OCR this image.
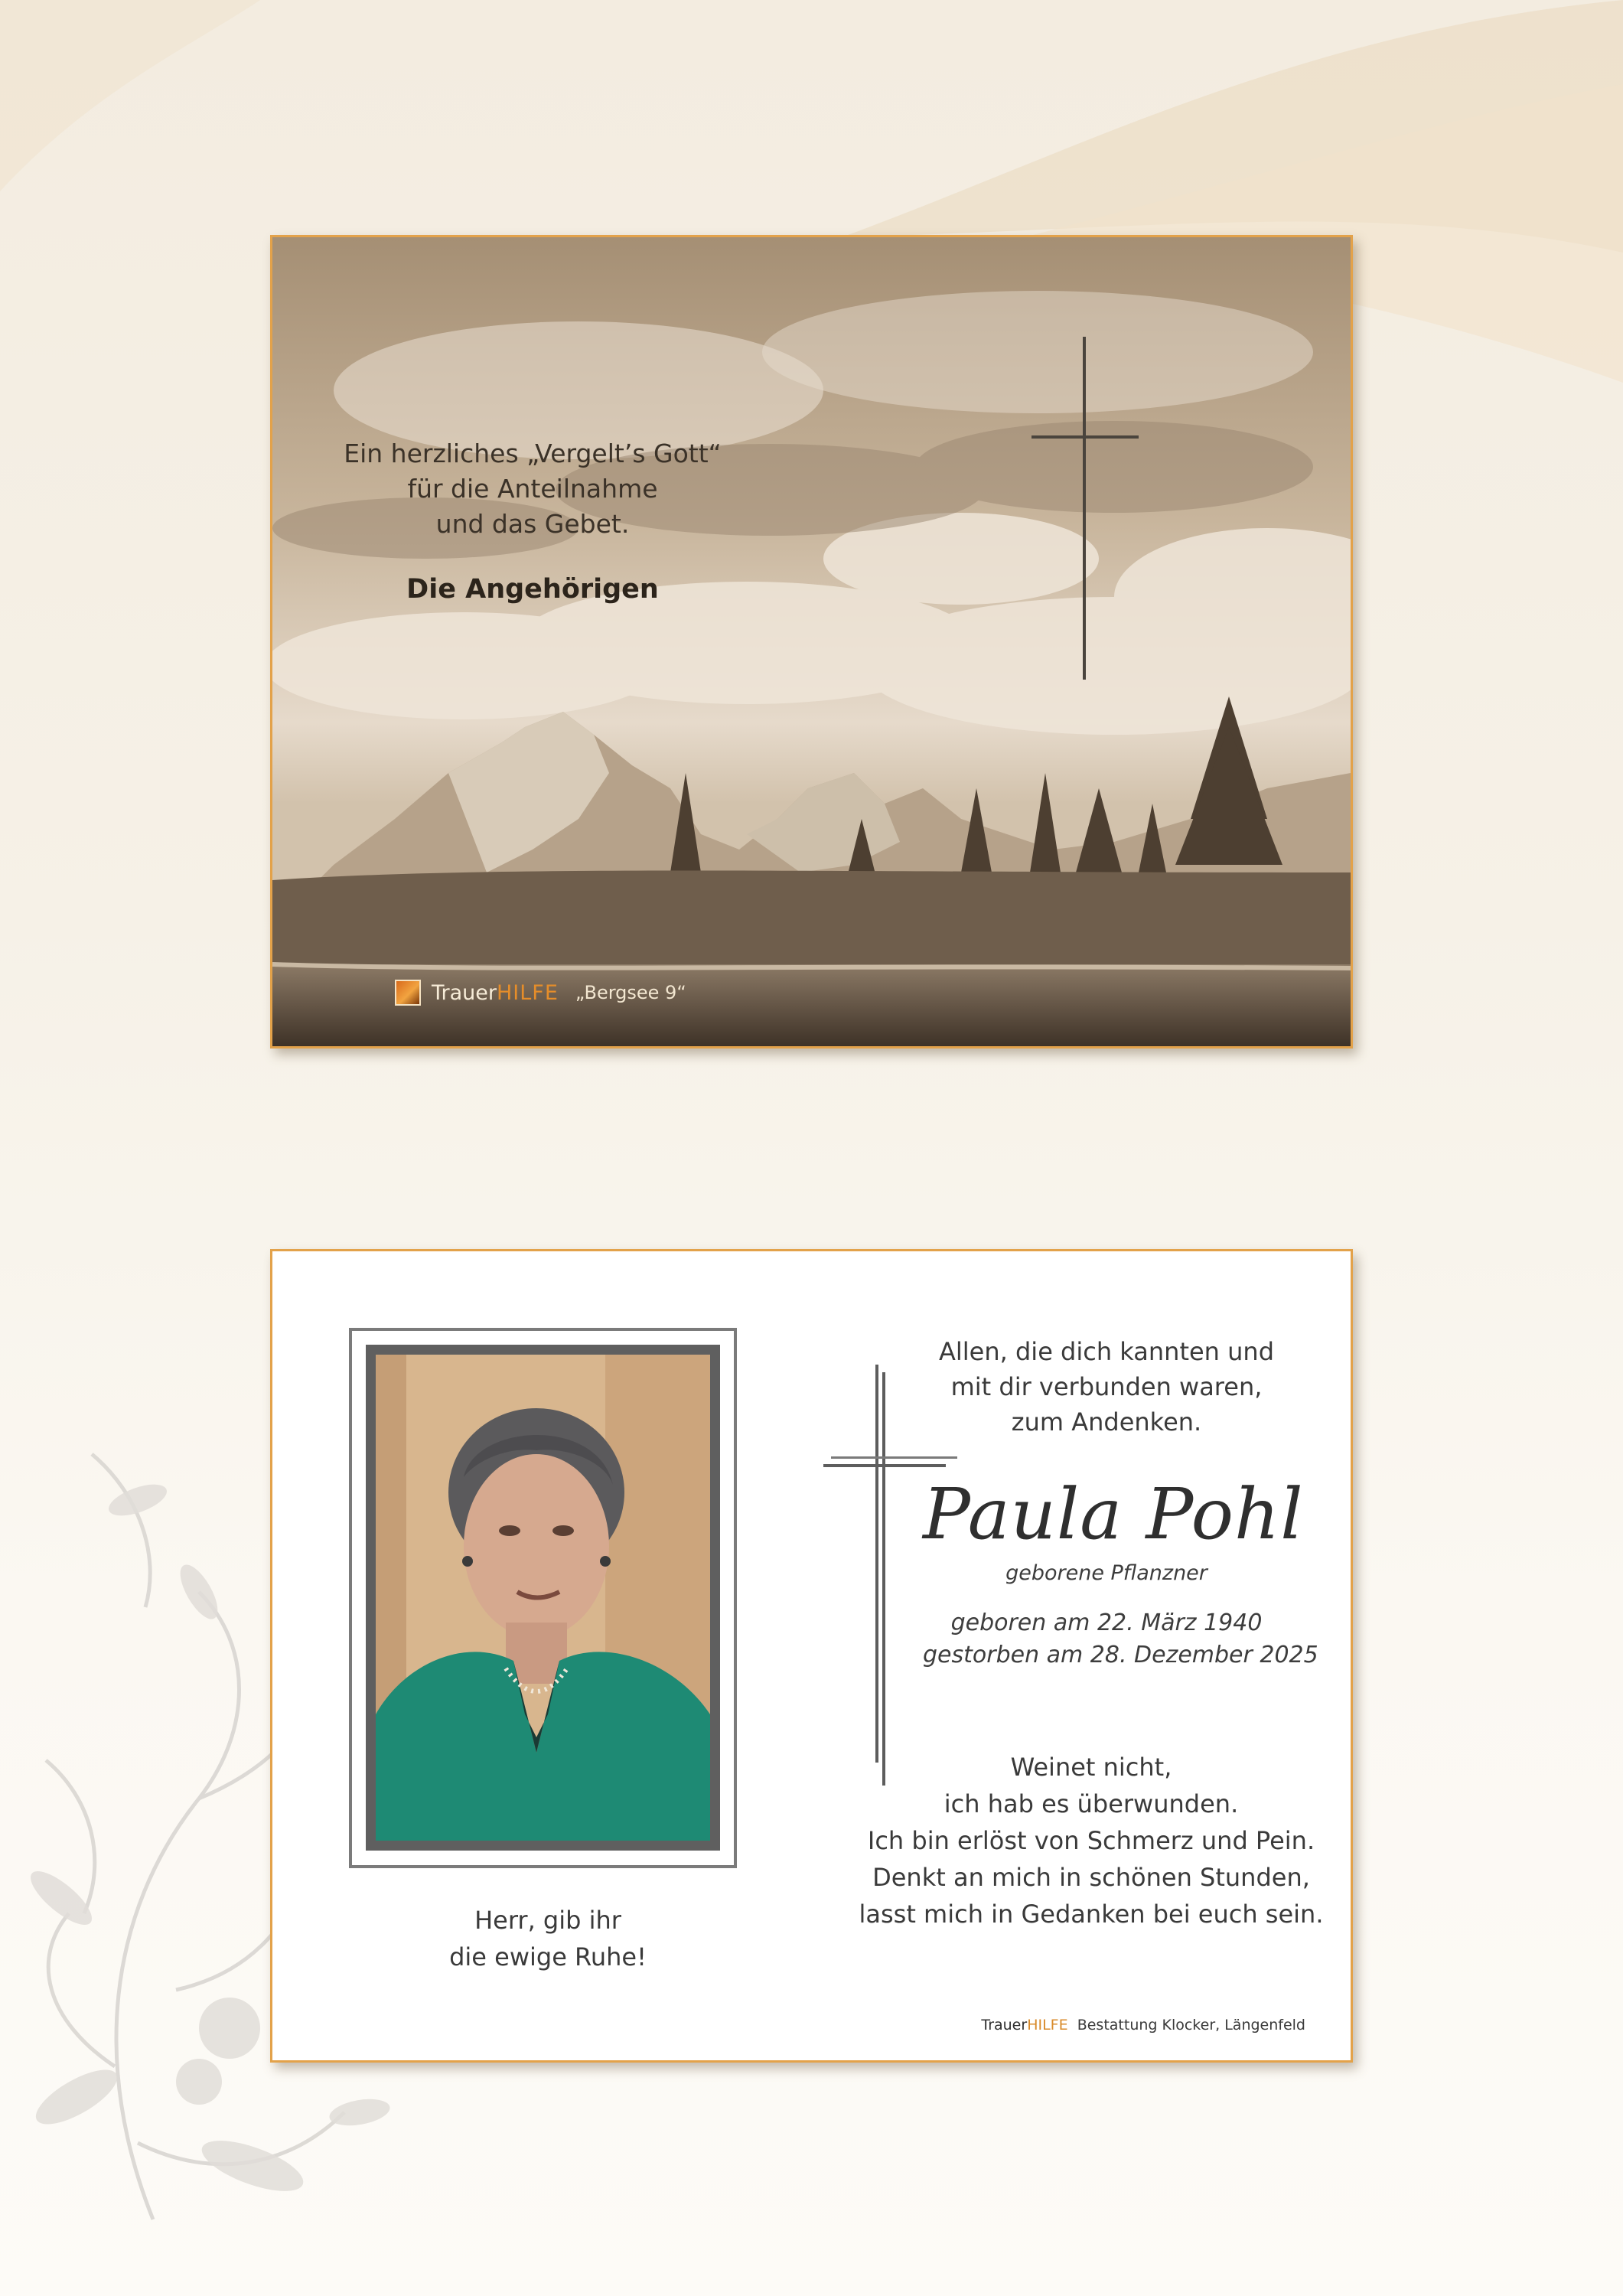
Ein herzliches „Vergelt’s Gott“
für die Anteilnahme
und das Gebet.
Die Angehörigen
Trauer HILFE „Bergsee 9“
Herr, gib ihr
die ewige Ruhe!
Allen, die dich kannten und
mit dir verbunden waren,
zum Andenken.
Paula Pohl
geborene Pflanzner
geboren am 22. März 1940
gestorben am 28. Dezember 2025
Weinet nicht,
ich hab es überwunden.
Ich bin erlöst von Schmerz und Pein.
Denkt an mich in schönen Stunden,
lasst mich in Gedanken bei euch sein.
TrauerHILFE Bestattung Klocker, Längenfeld
